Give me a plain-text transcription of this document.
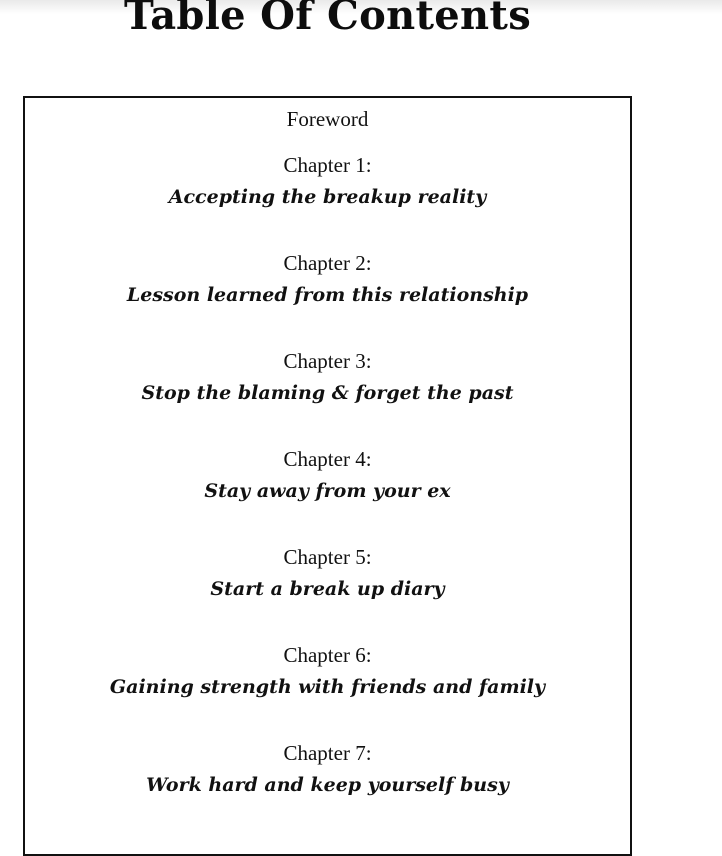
Table Of Contents
Foreword
Chapter 1:
Accepting the breakup reality
Chapter 2:
Lesson learned from this relationship
Chapter 3:
Stop the blaming & forget the past
Chapter 4:
Stay away from your ex
Chapter 5:
Start a break up diary
Chapter 6:
Gaining strength with friends and family
Chapter 7:
Work hard and keep yourself busy
